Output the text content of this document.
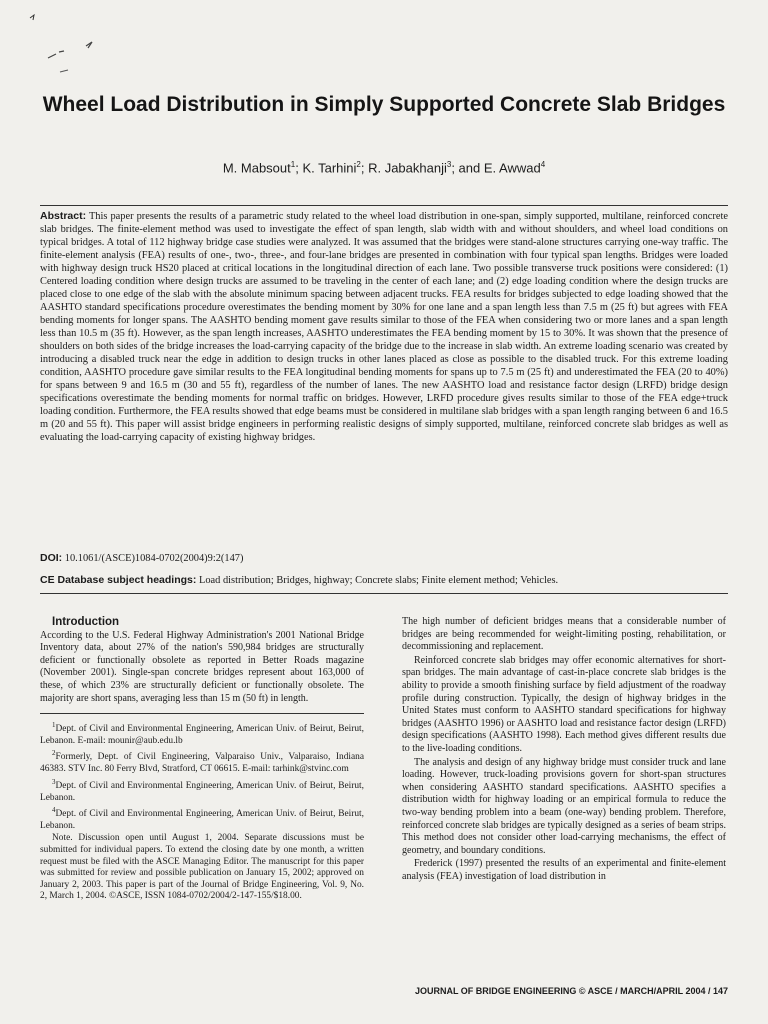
Wheel Load Distribution in Simply Supported Concrete Slab Bridges
M. Mabsout$^1$; K. Tarhini$^2$; R. Jabakhanji$^3$; and E. Awwad$^4$

Abstract: This paper presents the results of a parametric study related to the wheel load distribution in one-span, simply supported, multilane, reinforced concrete slab bridges. The finite-element method was used to investigate the effect of span length, slab width with and without shoulders, and wheel load conditions on typical bridges. A total of 112 highway bridge case studies were analyzed. It was assumed that the bridges were stand-alone structures carrying one-way traffic. The finite-element analysis (FEA) results of one-, two-, three-, and four-lane bridges are presented in combination with four typical span lengths. Bridges were loaded with highway design truck HS20 placed at critical locations in the longitudinal direction of each lane. Two possible transverse truck positions were considered: (1) Centered loading condition where design trucks are assumed to be traveling in the center of each lane; and (2) edge loading condition where the design trucks are placed close to one edge of the slab with the absolute minimum spacing between adjacent trucks. FEA results for bridges subjected to edge loading showed that the AASHTO standard specifications procedure overestimates the bending moment by 30% for one lane and a span length less than 7.5 m (25 ft) but agrees with FEA bending moments for longer spans. The AASHTO bending moment gave results similar to those of the FEA when considering two or more lanes and a span length less than 10.5 m (35 ft). However, as the span length increases, AASHTO underestimates the FEA bending moment by 15 to 30%. It was shown that the presence of shoulders on both sides of the bridge increases the load-carrying capacity of the bridge due to the increase in slab width. An extreme loading scenario was created by introducing a disabled truck near the edge in addition to design trucks in other lanes placed as close as possible to the disabled truck. For this extreme loading condition, AASHTO procedure gave similar results to the FEA longitudinal bending moments for spans up to 7.5 m (25 ft) and underestimated the FEA (20 to 40%) for spans between 9 and 16.5 m (30 and 55 ft), regardless of the number of lanes. The new AASHTO load and resistance factor design (LRFD) bridge design specifications overestimate the bending moments for normal traffic on bridges. However, LRFD procedure gives results similar to those of the FEA edge+truck loading condition. Furthermore, the FEA results showed that edge beams must be considered in multilane slab bridges with a span length ranging between 6 and 16.5 m (20 and 55 ft). This paper will assist bridge engineers in performing realistic designs of simply supported, multilane, reinforced concrete slab bridges as well as evaluating the load-carrying capacity of existing highway bridges.

DOI: 10.1061/(ASCE)1084-0702(2004)9:2(147)
CE Database subject headings: Load distribution; Bridges, highway; Concrete slabs; Finite element method; Vehicles.

Introduction

According to the U.S. Federal Highway Administration's 2001 National Bridge Inventory data, about 27% of the nation's 590,984 bridges are structurally deficient or functionally obsolete as reported in Better Roads magazine (November 2001). Single-span concrete bridges represent about 163,000 of these, of which 23% are structurally deficient or functionally obsolete. The majority are short spans, averaging less than 15 m (50 ft) in length.

$^1$Dept. of Civil and Environmental Engineering, American Univ. of Beirut, Beirut, Lebanon. E-mail: mounir@aub.edu.lb

$^2$Formerly, Dept. of Civil Engineering, Valparaiso Univ., Valparaiso, Indiana 46383. STV Inc. 80 Ferry Blvd, Stratford, CT 06615. E-mail: tarhink@stvinc.com

$^3$Dept. of Civil and Environmental Engineering, American Univ. of Beirut, Beirut, Lebanon.

$^4$Dept. of Civil and Environmental Engineering, American Univ. of Beirut, Beirut, Lebanon.

Note. Discussion open until August 1, 2004. Separate discussions must be submitted for individual papers. To extend the closing date by one month, a written request must be filed with the ASCE Managing Editor. The manuscript for this paper was submitted for review and possible publication on January 15, 2002; approved on January 2, 2003. This paper is part of the Journal of Bridge Engineering, Vol. 9, No. 2, March 1, 2004. ©ASCE, ISSN 1084-0702/2004/2-147-155/$18.00.

The high number of deficient bridges means that a considerable number of bridges are being recommended for weight-limiting posting, rehabilitation, or decommissioning and replacement.

Reinforced concrete slab bridges may offer economic alternatives for short-span bridges. The main advantage of cast-in-place concrete slab bridges is the ability to provide a smooth finishing surface by field adjustment of the roadway profile during construction. Typically, the design of highway bridges in the United States must conform to AASHTO standard specifications for highway bridges (AASHTO 1996) or AASHTO load and resistance factor design (LRFD) design specifications (AASHTO 1998). Each method gives different results due to the live-loading conditions.

The analysis and design of any highway bridge must consider truck and lane loading. However, truck-loading provisions govern for short-span structures when considering AASHTO standard specifications. AASHTO specifies a distribution width for highway loading or an empirical formula to reduce the two-way bending problem into a beam (one-way) bending problem. Therefore, reinforced concrete slab bridges are typically designed as a series of beam strips. This method does not consider other load-carrying mechanisms, the effect of geometry, and boundary conditions.

Frederick (1997) presented the results of an experimental and finite-element analysis (FEA) investigation of load distribution in

JOURNAL OF BRIDGE ENGINEERING © ASCE / MARCH/APRIL 2004 / 147
